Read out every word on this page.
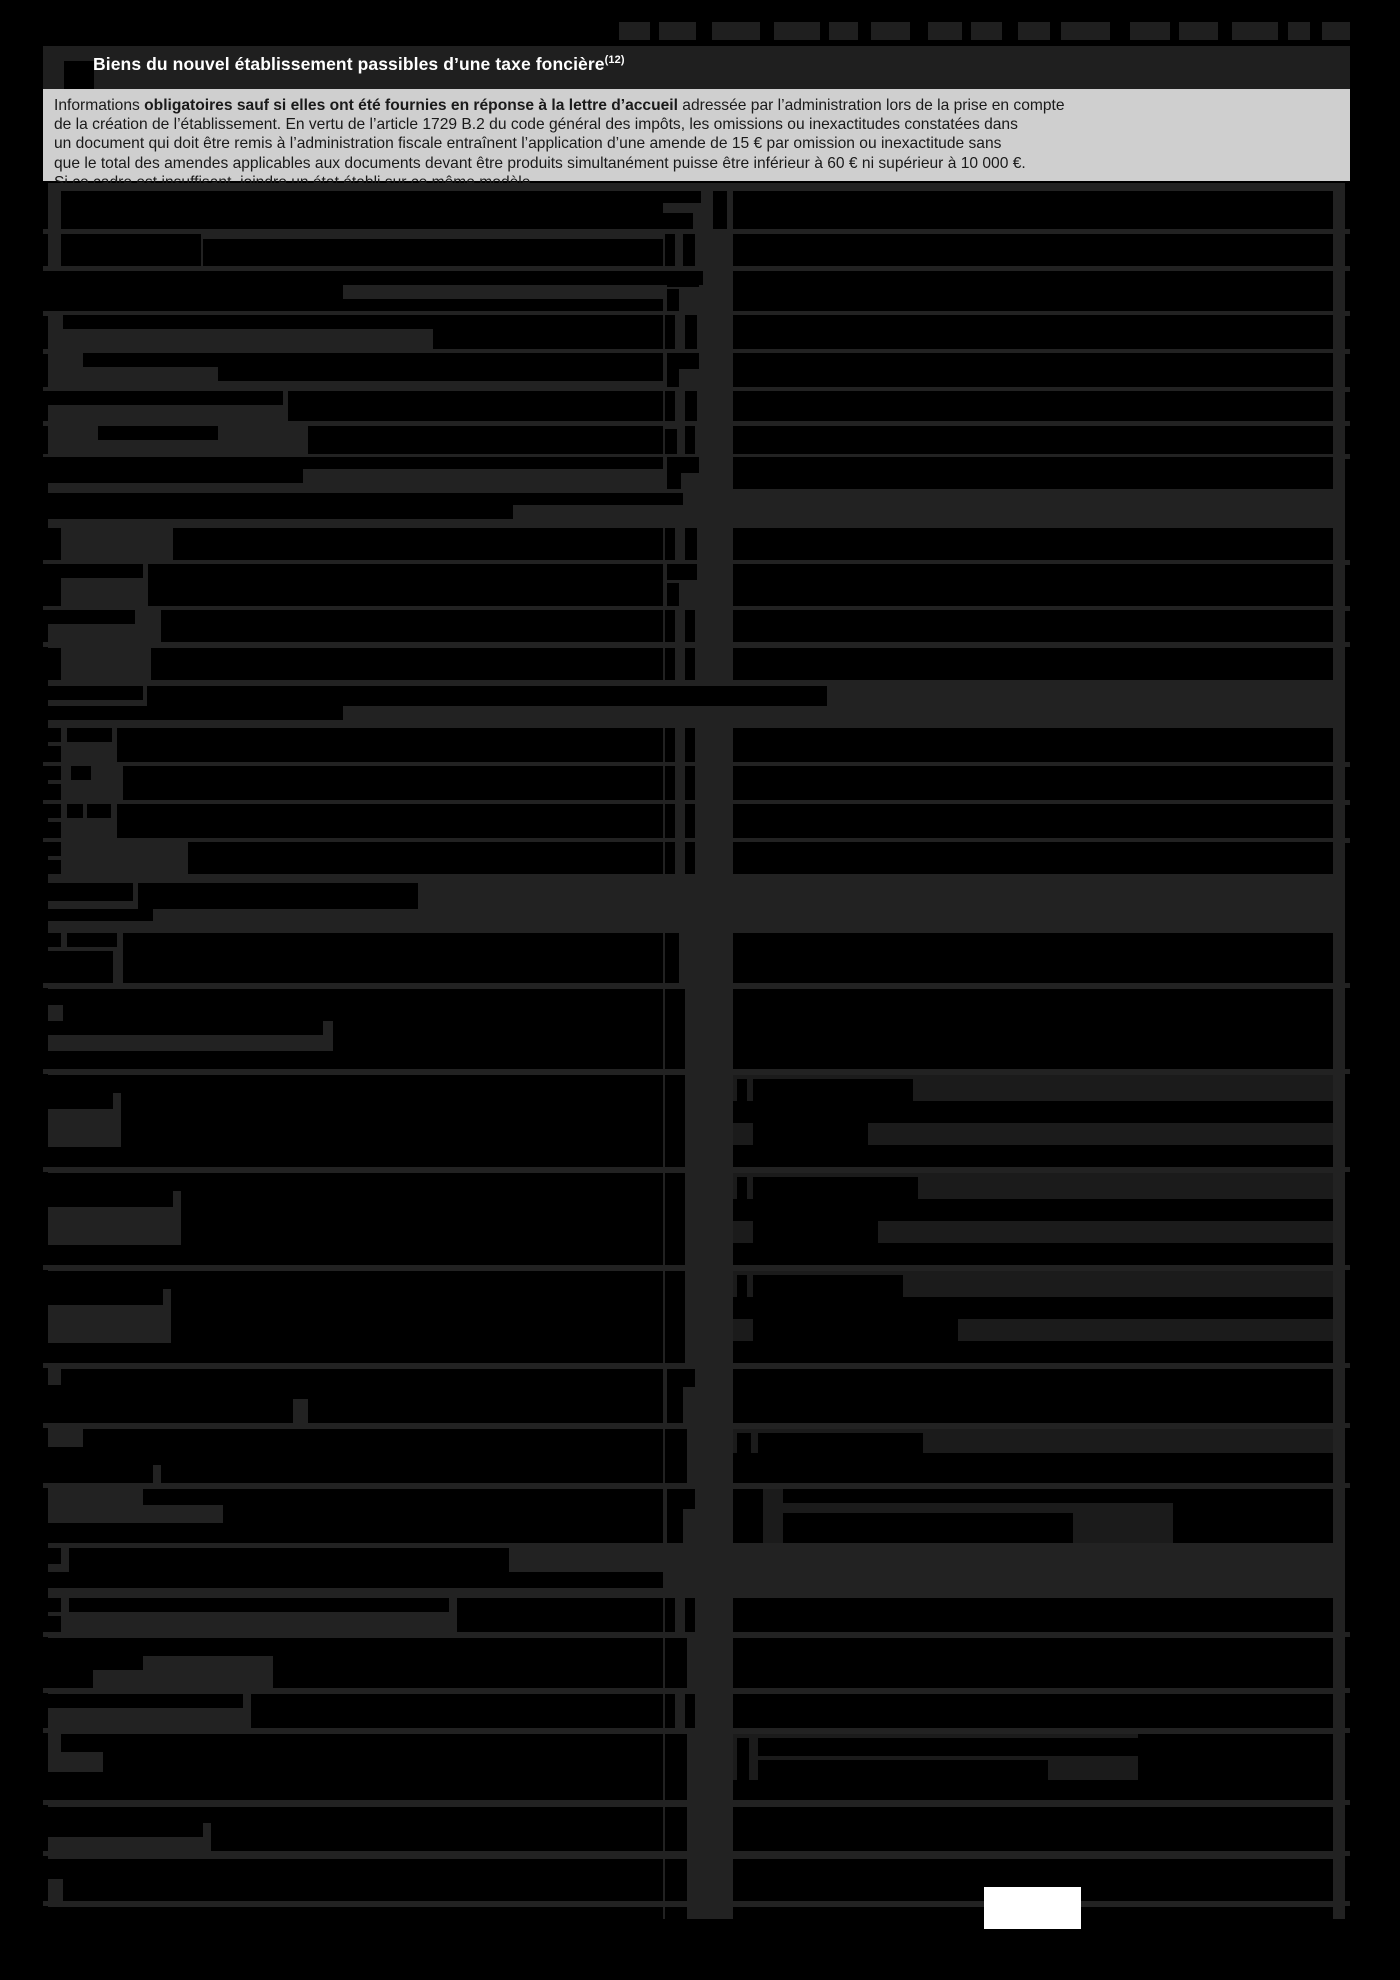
Biens du nouvel établissement passibles d’une taxe foncière$^{(12)}$
Informations obligatoires sauf si elles ont été fournies en réponse à la lettre d’accueil adressée par l’administration lors de la prise en compte
de la création de l’établissement. En vertu de l’article 1729 B.2 du code général des impôts, les omissions ou inexactitudes constatées dans
un document qui doit être remis à l’administration fiscale entraînent l’application d’une amende de 15 € par omission ou inexactitude sans
que le total des amendes applicables aux documents devant être produits simultanément puisse être inférieur à 60 € ni supérieur à 10 000 €.
